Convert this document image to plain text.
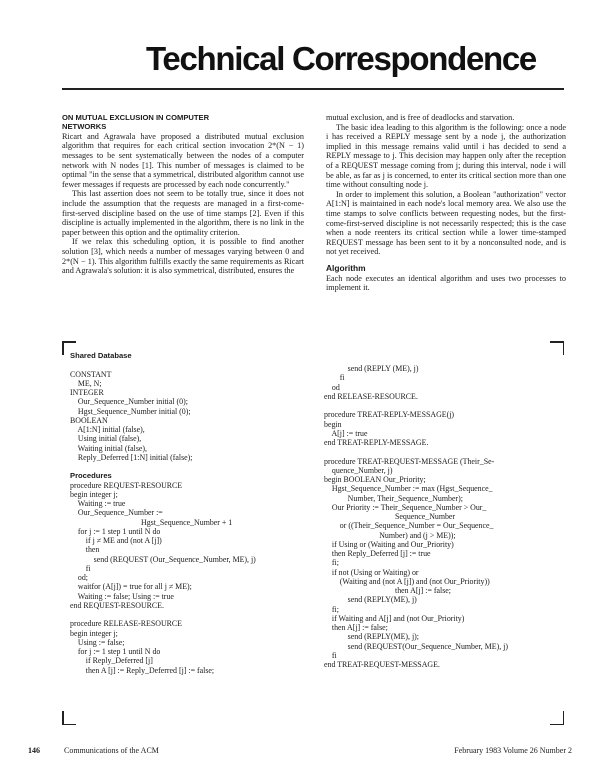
Technical Correspondence
ON MUTUAL EXCLUSION IN COMPUTER
NETWORKS

Ricart and Agrawala have proposed a distributed mutual exclusion algorithm that requires for each critical section invocation 2*(N − 1) messages to be sent systematically between the nodes of a computer network with N nodes [1]. This number of messages is claimed to be optimal "in the sense that a symmetrical, distributed algorithm cannot use fewer messages if requests are processed by each node concurrently."

This last assertion does not seem to be totally true, since it does not include the assumption that the requests are managed in a first-come-first-served discipline based on the use of time stamps [2]. Even if this discipline is actually implemented in the algorithm, there is no link in the paper between this option and the optimality criterion.

If we relax this scheduling option, it is possible to find another solution [3], which needs a number of messages varying between 0 and 2*(N − 1). This algorithm fulfills exactly the same requirements as Ricart and Agrawala's solution: it is also symmetrical, distributed, ensures the

mutual exclusion, and is free of deadlocks and starvation.

The basic idea leading to this algorithm is the following: once a node i has received a REPLY message sent by a node j, the authorization implied in this message remains valid until i has decided to send a REPLY message to j. This decision may happen only after the reception of a REQUEST message coming from j; during this interval, node i will be able, as far as j is concerned, to enter its critical section more than one time without consulting node j.

In order to implement this solution, a Boolean "authorization" vector A[1:N] is maintained in each node's local memory area. We also use the time stamps to solve conflicts between requesting nodes, but the first-come-first-served discipline is not necessarily respected; this is the case when a node reenters its critical section while a lower time-stamped REQUEST message has been sent to it by a nonconsulted node, and is not yet received.

Algorithm

Each node executes an identical algorithm and uses two processes to implement it.

Shared Database
CONSTANT
ME, N;
INTEGER
Our_Sequence_Number initial (0);
Hgst_Sequence_Number initial (0);
BOOLEAN
A[1:N] initial (false),
Using initial (false),
Waiting initial (false),
Reply_Deferred [1:N] initial (false);
Procedures
procedure REQUEST-RESOURCE
begin integer j;
Waiting := true
Our_Sequence_Number :=
Hgst_Sequence_Number + 1
for j := 1 step 1 until N do
if j ≠ ME and (not A [j])
then
send (REQUEST (Our_Sequence_Number, ME), j)
fi
od;
waitfor (A[j]) = true for all j ≠ ME);
Waiting := false; Using := true
end REQUEST-RESOURCE.
procedure RELEASE-RESOURCE
begin integer j;
Using := false;
for j := 1 step 1 until N do
if Reply_Deferred [j]
then A [j] := Reply_Deferred [j] := false;
send (REPLY (ME), j)
fi
od
end RELEASE-RESOURCE.
procedure TREAT-REPLY-MESSAGE(j)
begin
A[j] := true
end TREAT-REPLY-MESSAGE.
procedure TREAT-REQUEST-MESSAGE (Their_Se-
quence_Number, j)
begin BOOLEAN Our_Priority;
Hgst_Sequence_Number := max (Hgst_Sequence_
Number, Their_Sequence_Number);
Our Priority := Their_Sequence_Number > Our_
Sequence_Number
or ((Their_Sequence_Number = Our_Sequence_
Number) and (j > ME));
if Using or (Waiting and Our_Priority)
then Reply_Deferred [j] := true
fi;
if not (Using or Waiting) or
(Waiting and (not A [j]) and (not Our_Priority))
then A[j] := false;
send (REPLY(ME), j)
fi;
if Waiting and A[j] and (not Our_Priority)
then A[j] := false;
send (REPLY(ME), j);
send (REQUEST(Our_Sequence_Number, ME), j)
fi
end TREAT-REQUEST-MESSAGE.
146	Communications of the ACM	February 1983 Volume 26 Number 2
